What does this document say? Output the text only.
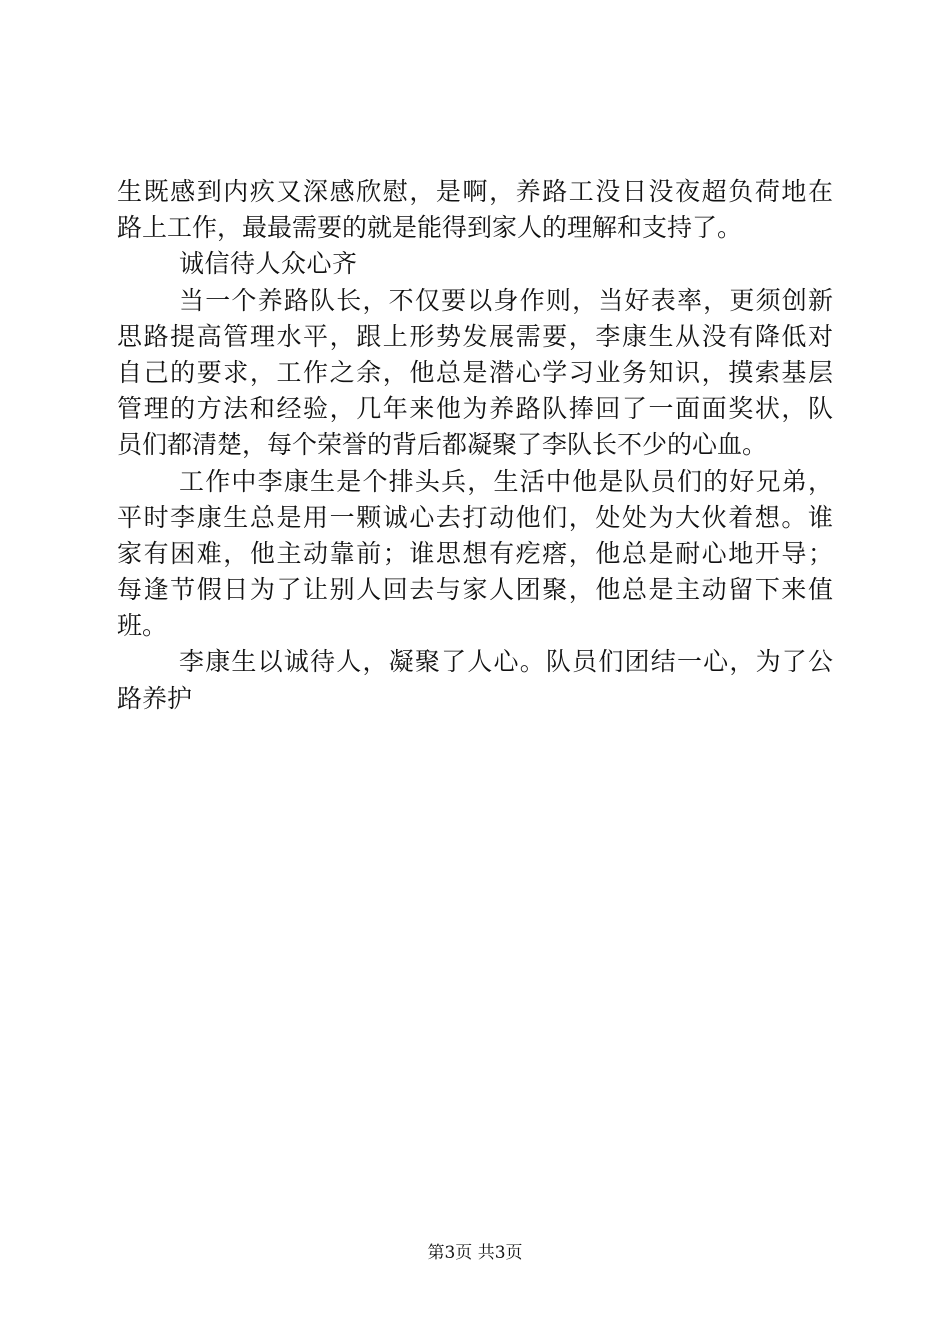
生既感到内疚又深感欣慰，是啊，养路工没日没夜超负荷地在
路上工作，最最需要的就是能得到家人的理解和支持了。
诚信待人众心齐
当一个养路队长，不仅要以身作则，当好表率，更须创新
思路提高管理水平，跟上形势发展需要，李康生从没有降低对
自己的要求，工作之余，他总是潜心学习业务知识，摸索基层
管理的方法和经验，几年来他为养路队捧回了一面面奖状，队
员们都清楚，每个荣誉的背后都凝聚了李队长不少的心血。
工作中李康生是个排头兵，生活中他是队员们的好兄弟，
平时李康生总是用一颗诚心去打动他们，处处为大伙着想。谁
家有困难，他主动靠前；谁思想有疙瘩，他总是耐心地开导；
每逢节假日为了让别人回去与家人团聚，他总是主动留下来值
班。
李康生以诚待人，凝聚了人心。队员们团结一心，为了公
路养护
第3页 共3页
